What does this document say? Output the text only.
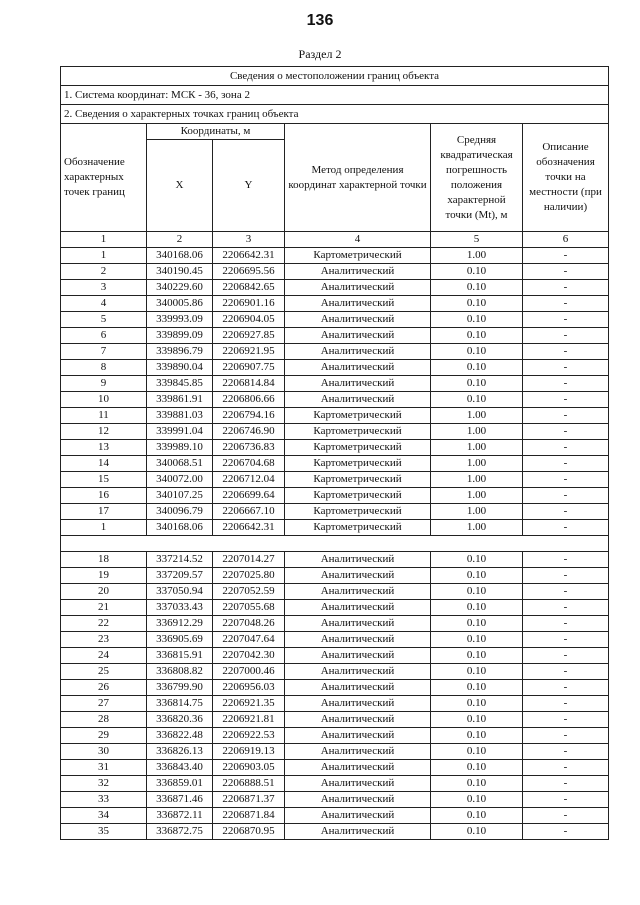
136
Раздел 2
Сведения о местоположении границ объекта					
1. Система координат: МСК - 36, зона 2					
2. Сведения о характерных точках границ объекта					
Обозначение характерных точек границ	Координаты, м		Метод определения координат характерной точки	Средняя квадратическая погрешность положения характерной точки (Mt), м	Описание обозначения точки на местности (при наличии)
	X	Y			
1	2	3	4	5	6
1	340168.06	2206642.31	Картометрический	1.00	-
2	340190.45	2206695.56	Аналитический	0.10	-
3	340229.60	2206842.65	Аналитический	0.10	-
4	340005.86	2206901.16	Аналитический	0.10	-
5	339993.09	2206904.05	Аналитический	0.10	-
6	339899.09	2206927.85	Аналитический	0.10	-
7	339896.79	2206921.95	Аналитический	0.10	-
8	339890.04	2206907.75	Аналитический	0.10	-
9	339845.85	2206814.84	Аналитический	0.10	-
10	339861.91	2206806.66	Аналитический	0.10	-
11	339881.03	2206794.16	Картометрический	1.00	-
12	339991.04	2206746.90	Картометрический	1.00	-
13	339989.10	2206736.83	Картометрический	1.00	-
14	340068.51	2206704.68	Картометрический	1.00	-
15	340072.00	2206712.04	Картометрический	1.00	-
16	340107.25	2206699.64	Картометрический	1.00	-
17	340096.79	2206667.10	Картометрический	1.00	-
1	340168.06	2206642.31	Картометрический	1.00	-

18	337214.52	2207014.27	Аналитический	0.10	-
19	337209.57	2207025.80	Аналитический	0.10	-
20	337050.94	2207052.59	Аналитический	0.10	-
21	337033.43	2207055.68	Аналитический	0.10	-
22	336912.29	2207048.26	Аналитический	0.10	-
23	336905.69	2207047.64	Аналитический	0.10	-
24	336815.91	2207042.30	Аналитический	0.10	-
25	336808.82	2207000.46	Аналитический	0.10	-
26	336799.90	2206956.03	Аналитический	0.10	-
27	336814.75	2206921.35	Аналитический	0.10	-
28	336820.36	2206921.81	Аналитический	0.10	-
29	336822.48	2206922.53	Аналитический	0.10	-
30	336826.13	2206919.13	Аналитический	0.10	-
31	336843.40	2206903.05	Аналитический	0.10	-
32	336859.01	2206888.51	Аналитический	0.10	-
33	336871.46	2206871.37	Аналитический	0.10	-
34	336872.11	2206871.84	Аналитический	0.10	-
35	336872.75	2206870.95	Аналитический	0.10	-
